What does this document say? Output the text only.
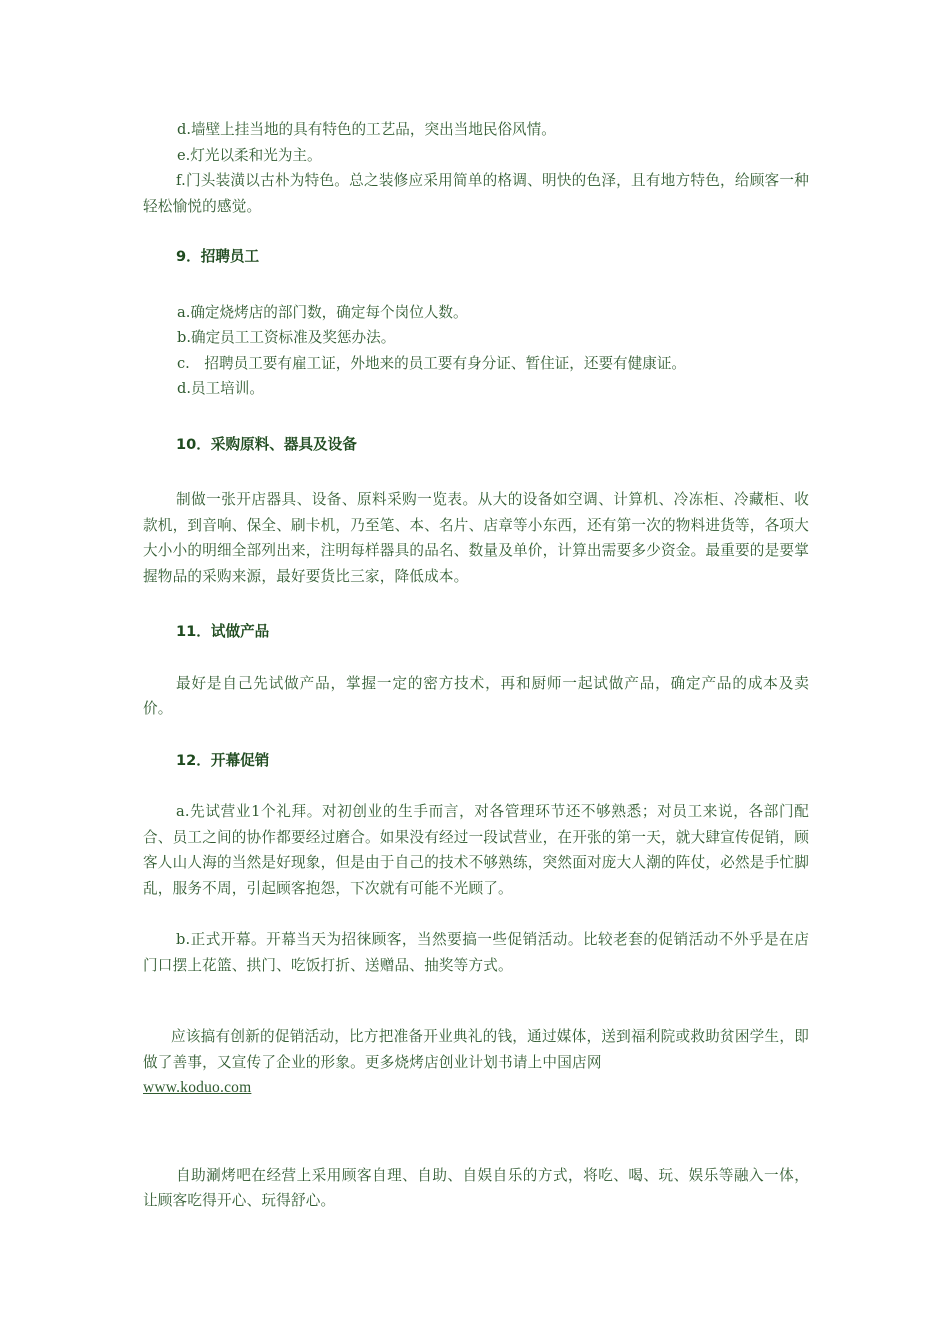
d.墙壁上挂当地的具有特色的工艺品，突出当地民俗风情。

e.灯光以柔和光为主。

f.门头装潢以古朴为特色。总之装修应采用简单的格调、明快的色泽，且有地方特色，给顾客一种轻松愉悦的感觉。

9．招聘员工

a.确定烧烤店的部门数，确定每个岗位人数。

b.确定员工工资标准及奖惩办法。

c.　招聘员工要有雇工证，外地来的员工要有身分证、暂住证，还要有健康证。

d.员工培训。

10．采购原料、器具及设备

制做一张开店器具、设备、原料采购一览表。从大的设备如空调、计算机、冷冻柜、冷藏柜、收款机，到音响、保全、刷卡机，乃至笔、本、名片、店章等小东西，还有第一次的物料进货等，各项大大小小的明细全部列出来，注明每样器具的品名、数量及单价，计算出需要多少资金。最重要的是要掌握物品的采购来源，最好要货比三家，降低成本。

11．试做产品

最好是自己先试做产品，掌握一定的密方技术，再和厨师一起试做产品，确定产品的成本及卖价。

12．开幕促销

a.先试营业1个礼拜。对初创业的生手而言，对各管理环节还不够熟悉；对员工来说，各部门配合、员工之间的协作都要经过磨合。如果没有经过一段试营业，在开张的第一天，就大肆宣传促销，顾客人山人海的当然是好现象，但是由于自己的技术不够熟练，突然面对庞大人潮的阵仗，必然是手忙脚乱，服务不周，引起顾客抱怨，下次就有可能不光顾了。

b.正式开幕。开幕当天为招徕顾客，当然要搞一些促销活动。比较老套的促销活动不外乎是在店门口摆上花篮、拱门、吃饭打折、送赠品、抽奖等方式。

应该搞有创新的促销活动，比方把准备开业典礼的钱，通过媒体，送到福利院或救助贫困学生，即做了善事，又宣传了企业的形象。更多烧烤店创业计划书请上中国店网
www.koduo.com

自助涮烤吧在经营上采用顾客自理、自助、自娱自乐的方式，将吃、喝、玩、娱乐等融入一体，让顾客吃得开心、玩得舒心。
